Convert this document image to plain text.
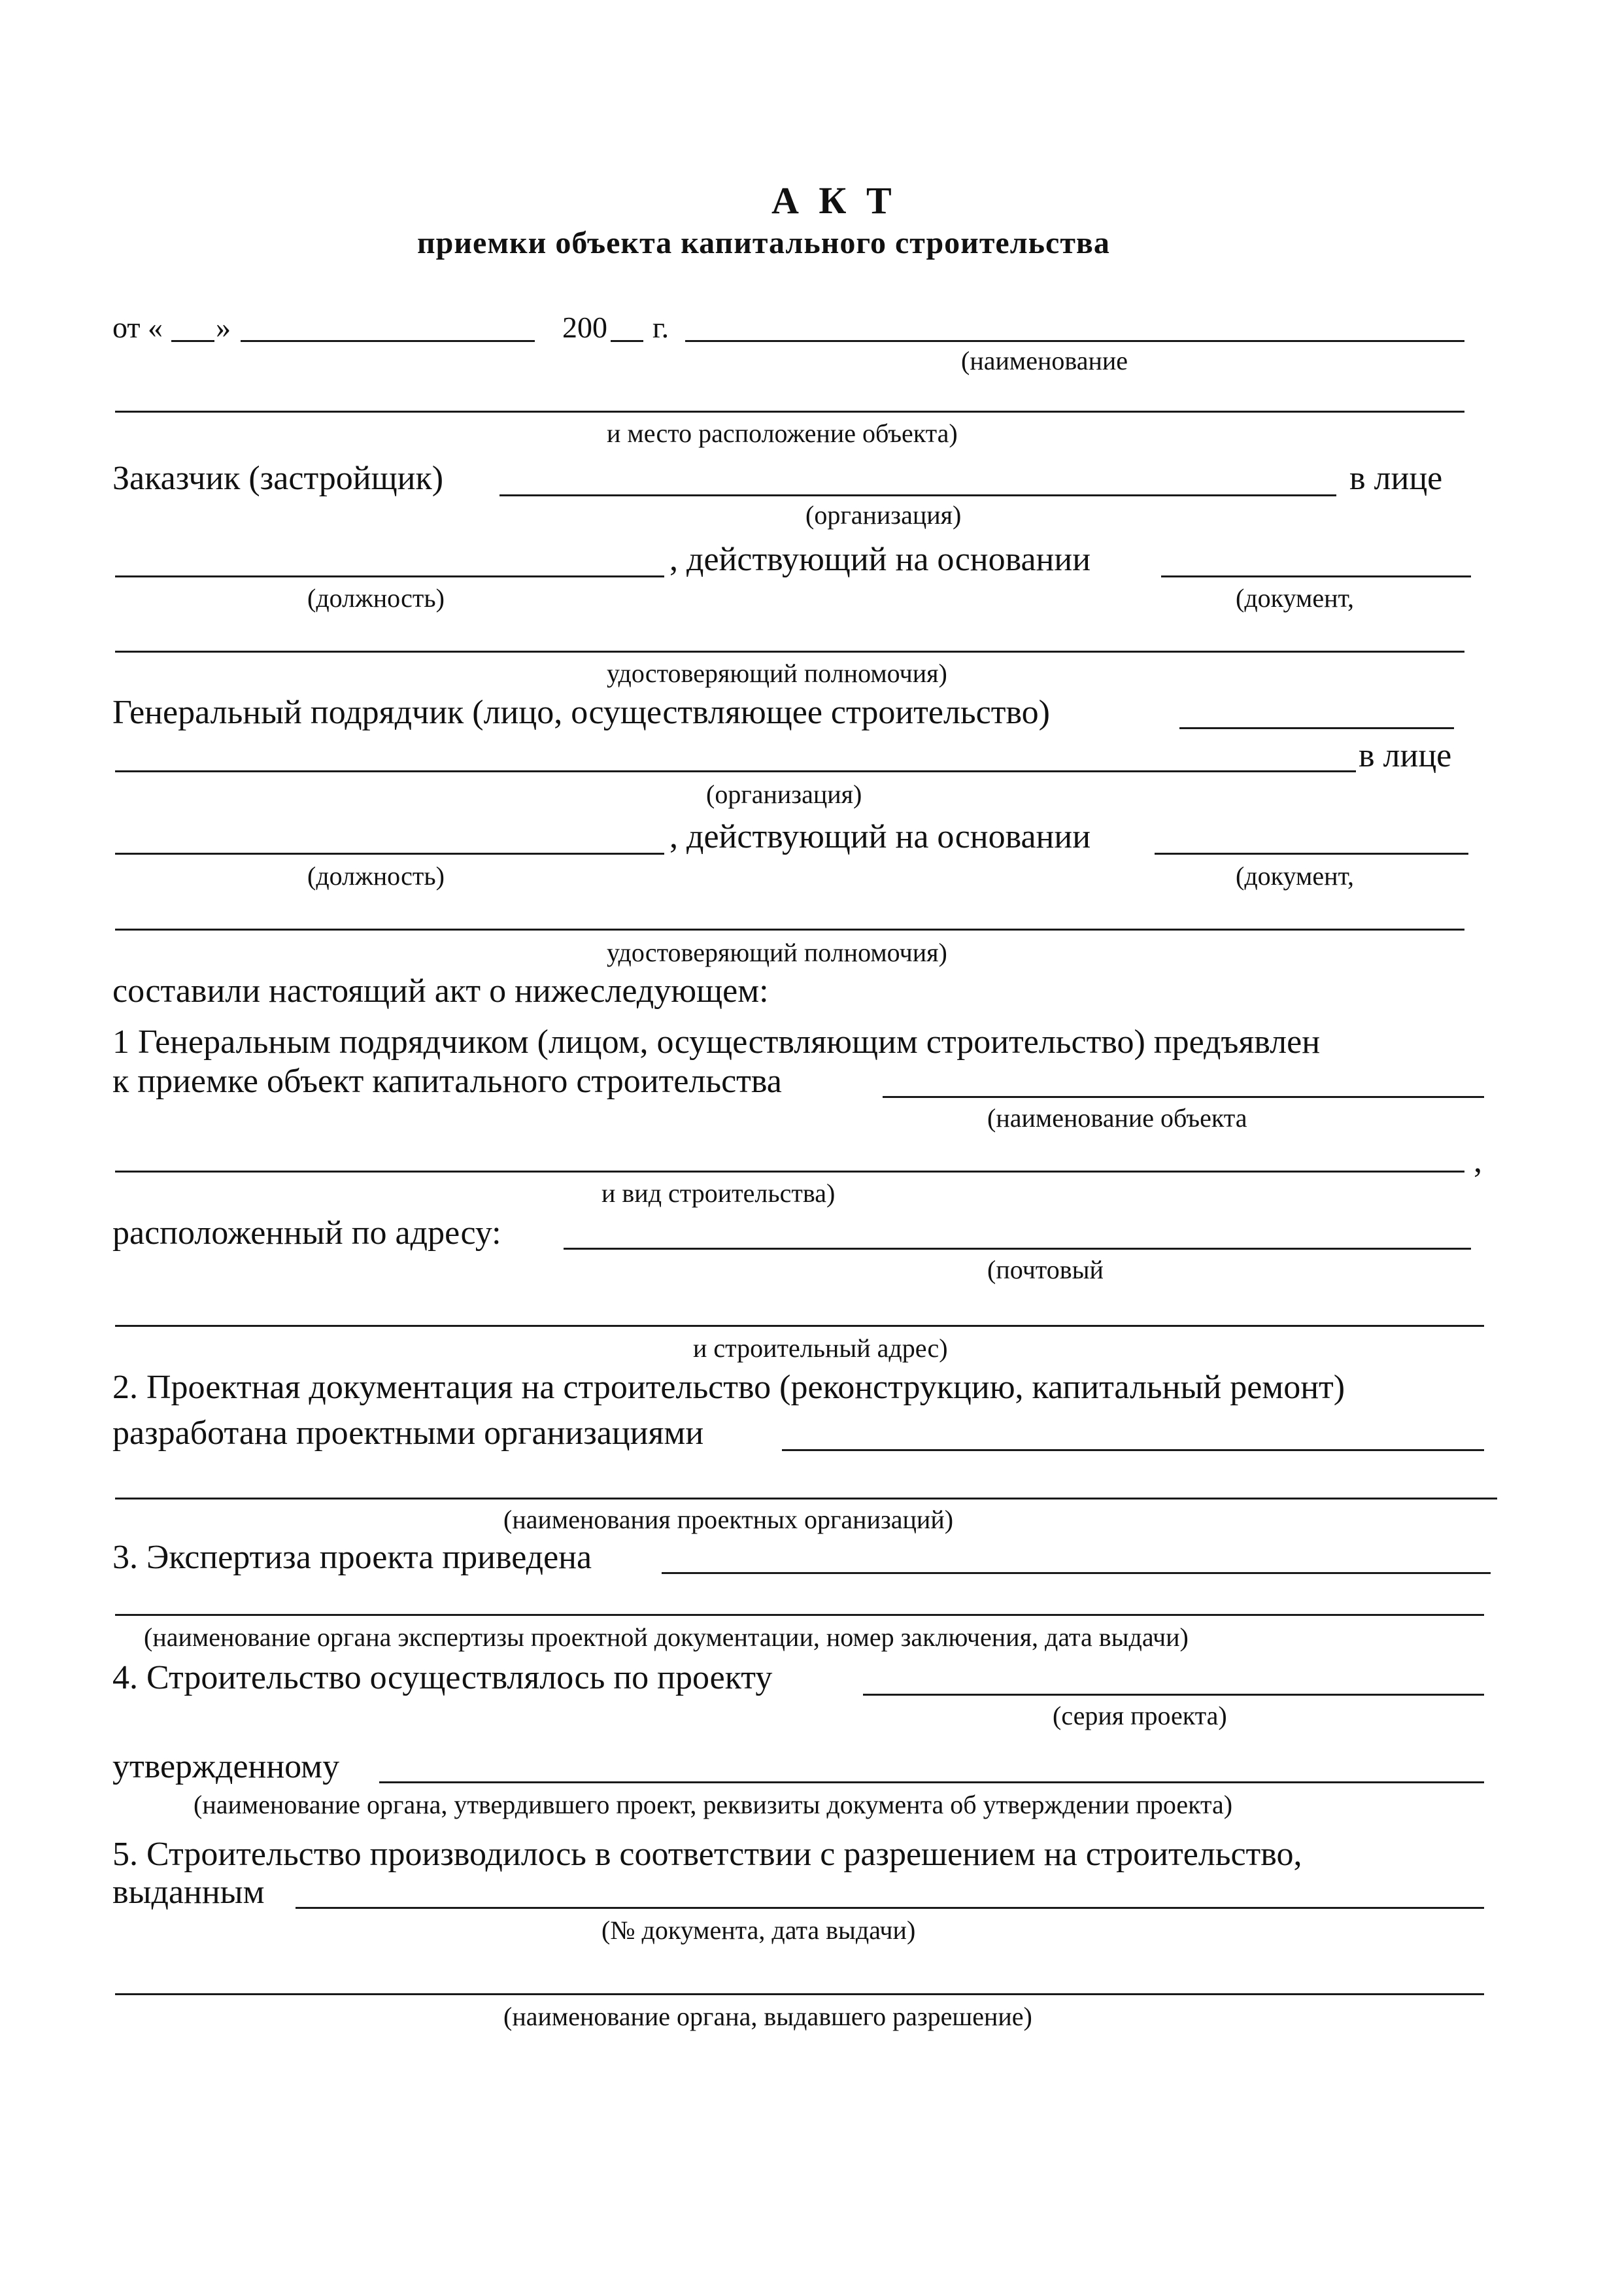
А К Т
приемки объекта капитального строительства
от « »	200 г.
(наименование
и место расположение объекта)
Заказчик (застройщик)	в лице
(организация)
, действующий на основании
(должность)	(документ,
удостоверяющий полномочия)
Генеральный подрядчик (лицо, осуществляющее строительство)
в лице
(организация)
, действующий на основании
(должность)	(документ,
удостоверяющий полномочия)
составили настоящий акт о нижеследующем:
1 Генеральным подрядчиком (лицом, осуществляющим строительство) предъявлен
к приемке объект капитального строительства
(наименование объекта
,
и вид строительства)
расположенный по адресу:
(почтовый
и строительный адрес)
2. Проектная документация на строительство (реконструкцию, капитальный ремонт)
разработана проектными организациями
(наименования проектных организаций)
3. Экспертиза проекта приведена
(наименование органа экспертизы проектной документации, номер заключения, дата выдачи)
4. Строительство осуществлялось по проекту
(серия проекта)
утвержденному
(наименование органа, утвердившего проект, реквизиты документа об утверждении проекта)
5. Строительство производилось в соответствии с разрешением на строительство,
выданным
(№ документа, дата выдачи)
(наименование органа, выдавшего разрешение)
